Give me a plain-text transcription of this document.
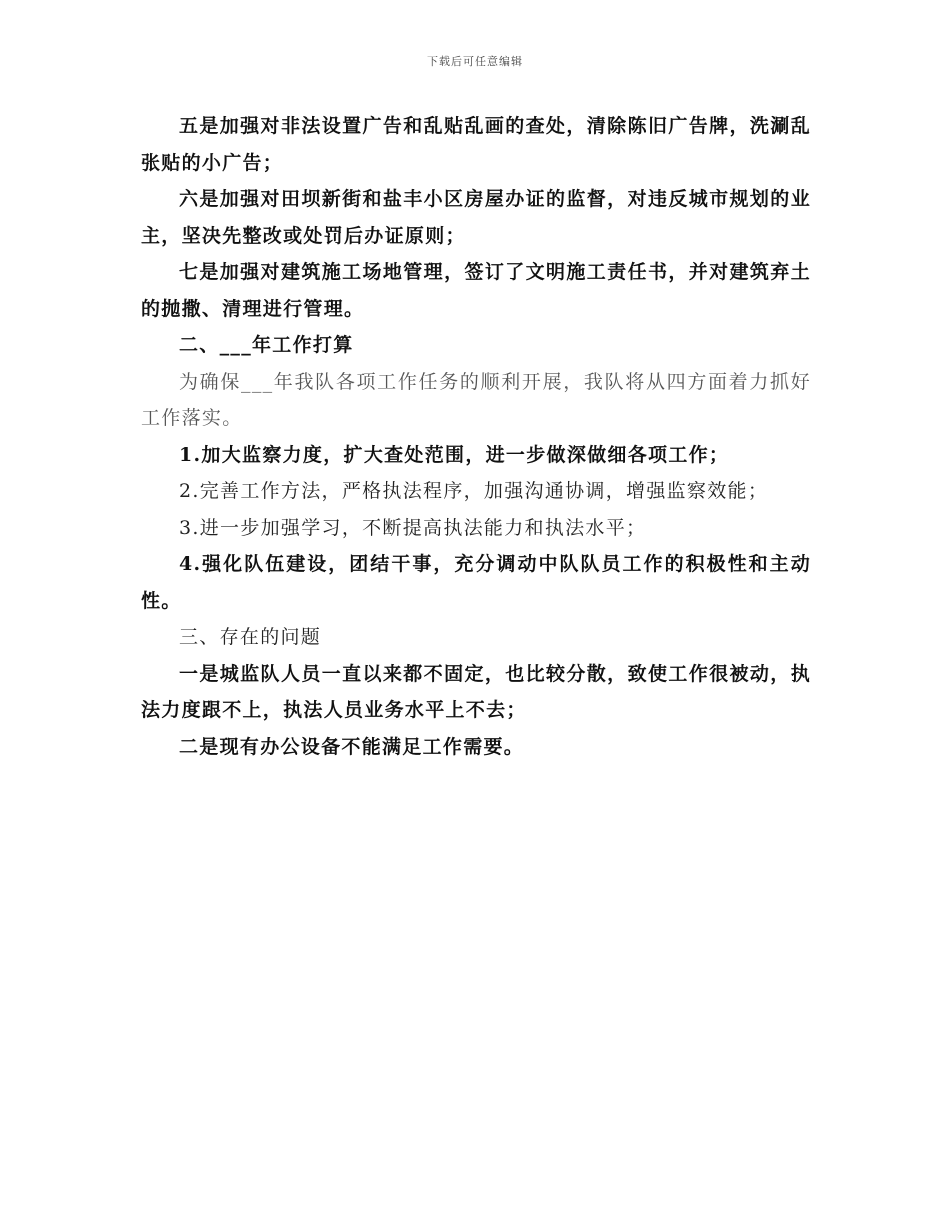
下载后可任意编辑

五是加强对非法设置广告和乱贴乱画的查处，清除陈旧广告牌，洗涮乱张贴的小广告；

六是加强对田坝新街和盐丰小区房屋办证的监督，对违反城市规划的业主，坚决先整改或处罚后办证原则；

七是加强对建筑施工场地管理，签订了文明施工责任书，并对建筑弃土的抛撒、清理进行管理。

二、___年工作打算

为确保___年我队各项工作任务的顺利开展，我队将从四方面着力抓好工作落实。

1.加大监察力度，扩大查处范围，进一步做深做细各项工作；

2.完善工作方法，严格执法程序，加强沟通协调，增强监察效能；

3.进一步加强学习，不断提高执法能力和执法水平；

4.强化队伍建设，团结干事，充分调动中队队员工作的积极性和主动性。

三、存在的问题

一是城监队人员一直以来都不固定，也比较分散，致使工作很被动，执法力度跟不上，执法人员业务水平上不去；

二是现有办公设备不能满足工作需要。
